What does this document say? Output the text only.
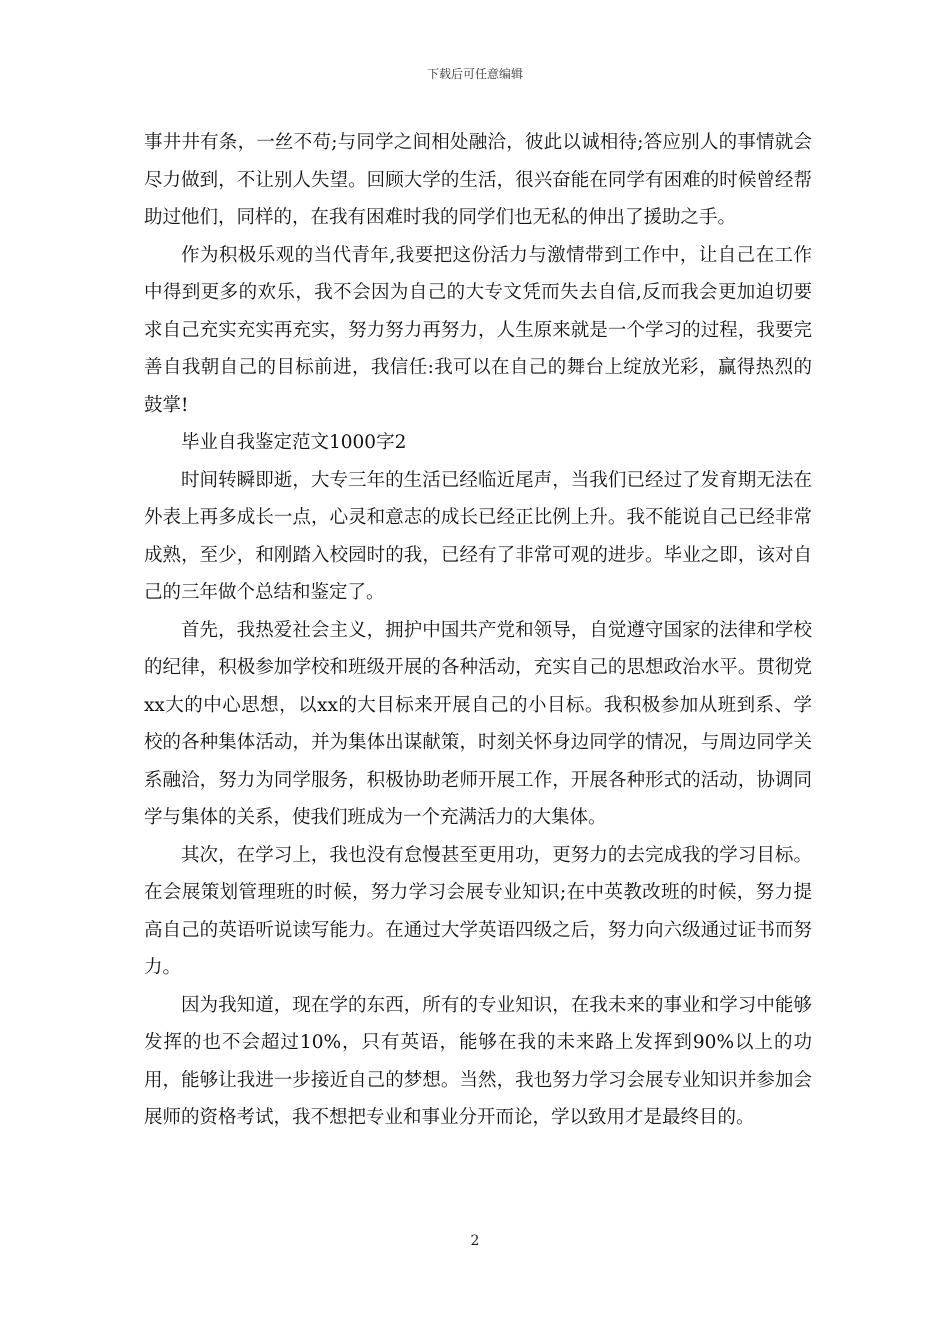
下载后可任意编辑

事井井有条，一丝不苟;与同学之间相处融洽，彼此以诚相待;答应别人的事情就会尽力做到，不让别人失望。回顾大学的生活，很兴奋能在同学有困难的时候曾经帮助过他们，同样的，在我有困难时我的同学们也无私的伸出了援助之手。

作为积极乐观的当代青年,我要把这份活力与激情带到工作中，让自己在工作中得到更多的欢乐，我不会因为自己的大专文凭而失去自信,反而我会更加迫切要求自己充实充实再充实，努力努力再努力，人生原来就是一个学习的过程，我要完善自我朝自己的目标前进，我信任:我可以在自己的舞台上绽放光彩，赢得热烈的鼓掌!

毕业自我鉴定范文1000字2

时间转瞬即逝，大专三年的生活已经临近尾声，当我们已经过了发育期无法在外表上再多成长一点，心灵和意志的成长已经正比例上升。我不能说自己已经非常成熟，至少，和刚踏入校园时的我，已经有了非常可观的进步。毕业之即，该对自己的三年做个总结和鉴定了。

首先，我热爱社会主义，拥护中国共产党和领导，自觉遵守国家的法律和学校的纪律，积极参加学校和班级开展的各种活动，充实自己的思想政治水平。贯彻党xx大的中心思想，以xx的大目标来开展自己的小目标。我积极参加从班到系、学校的各种集体活动，并为集体出谋献策，时刻关怀身边同学的情况，与周边同学关系融洽，努力为同学服务，积极协助老师开展工作，开展各种形式的活动，协调同学与集体的关系，使我们班成为一个充满活力的大集体。

其次，在学习上，我也没有怠慢甚至更用功，更努力的去完成我的学习目标。在会展策划管理班的时候，努力学习会展专业知识;在中英教改班的时候，努力提高自己的英语听说读写能力。在通过大学英语四级之后，努力向六级通过证书而努力。

因为我知道，现在学的东西，所有的专业知识，在我未来的事业和学习中能够发挥的也不会超过10%，只有英语，能够在我的未来路上发挥到90%以上的功用，能够让我进一步接近自己的梦想。当然，我也努力学习会展专业知识并参加会展师的资格考试，我不想把专业和事业分开而论，学以致用才是最终目的。

2
